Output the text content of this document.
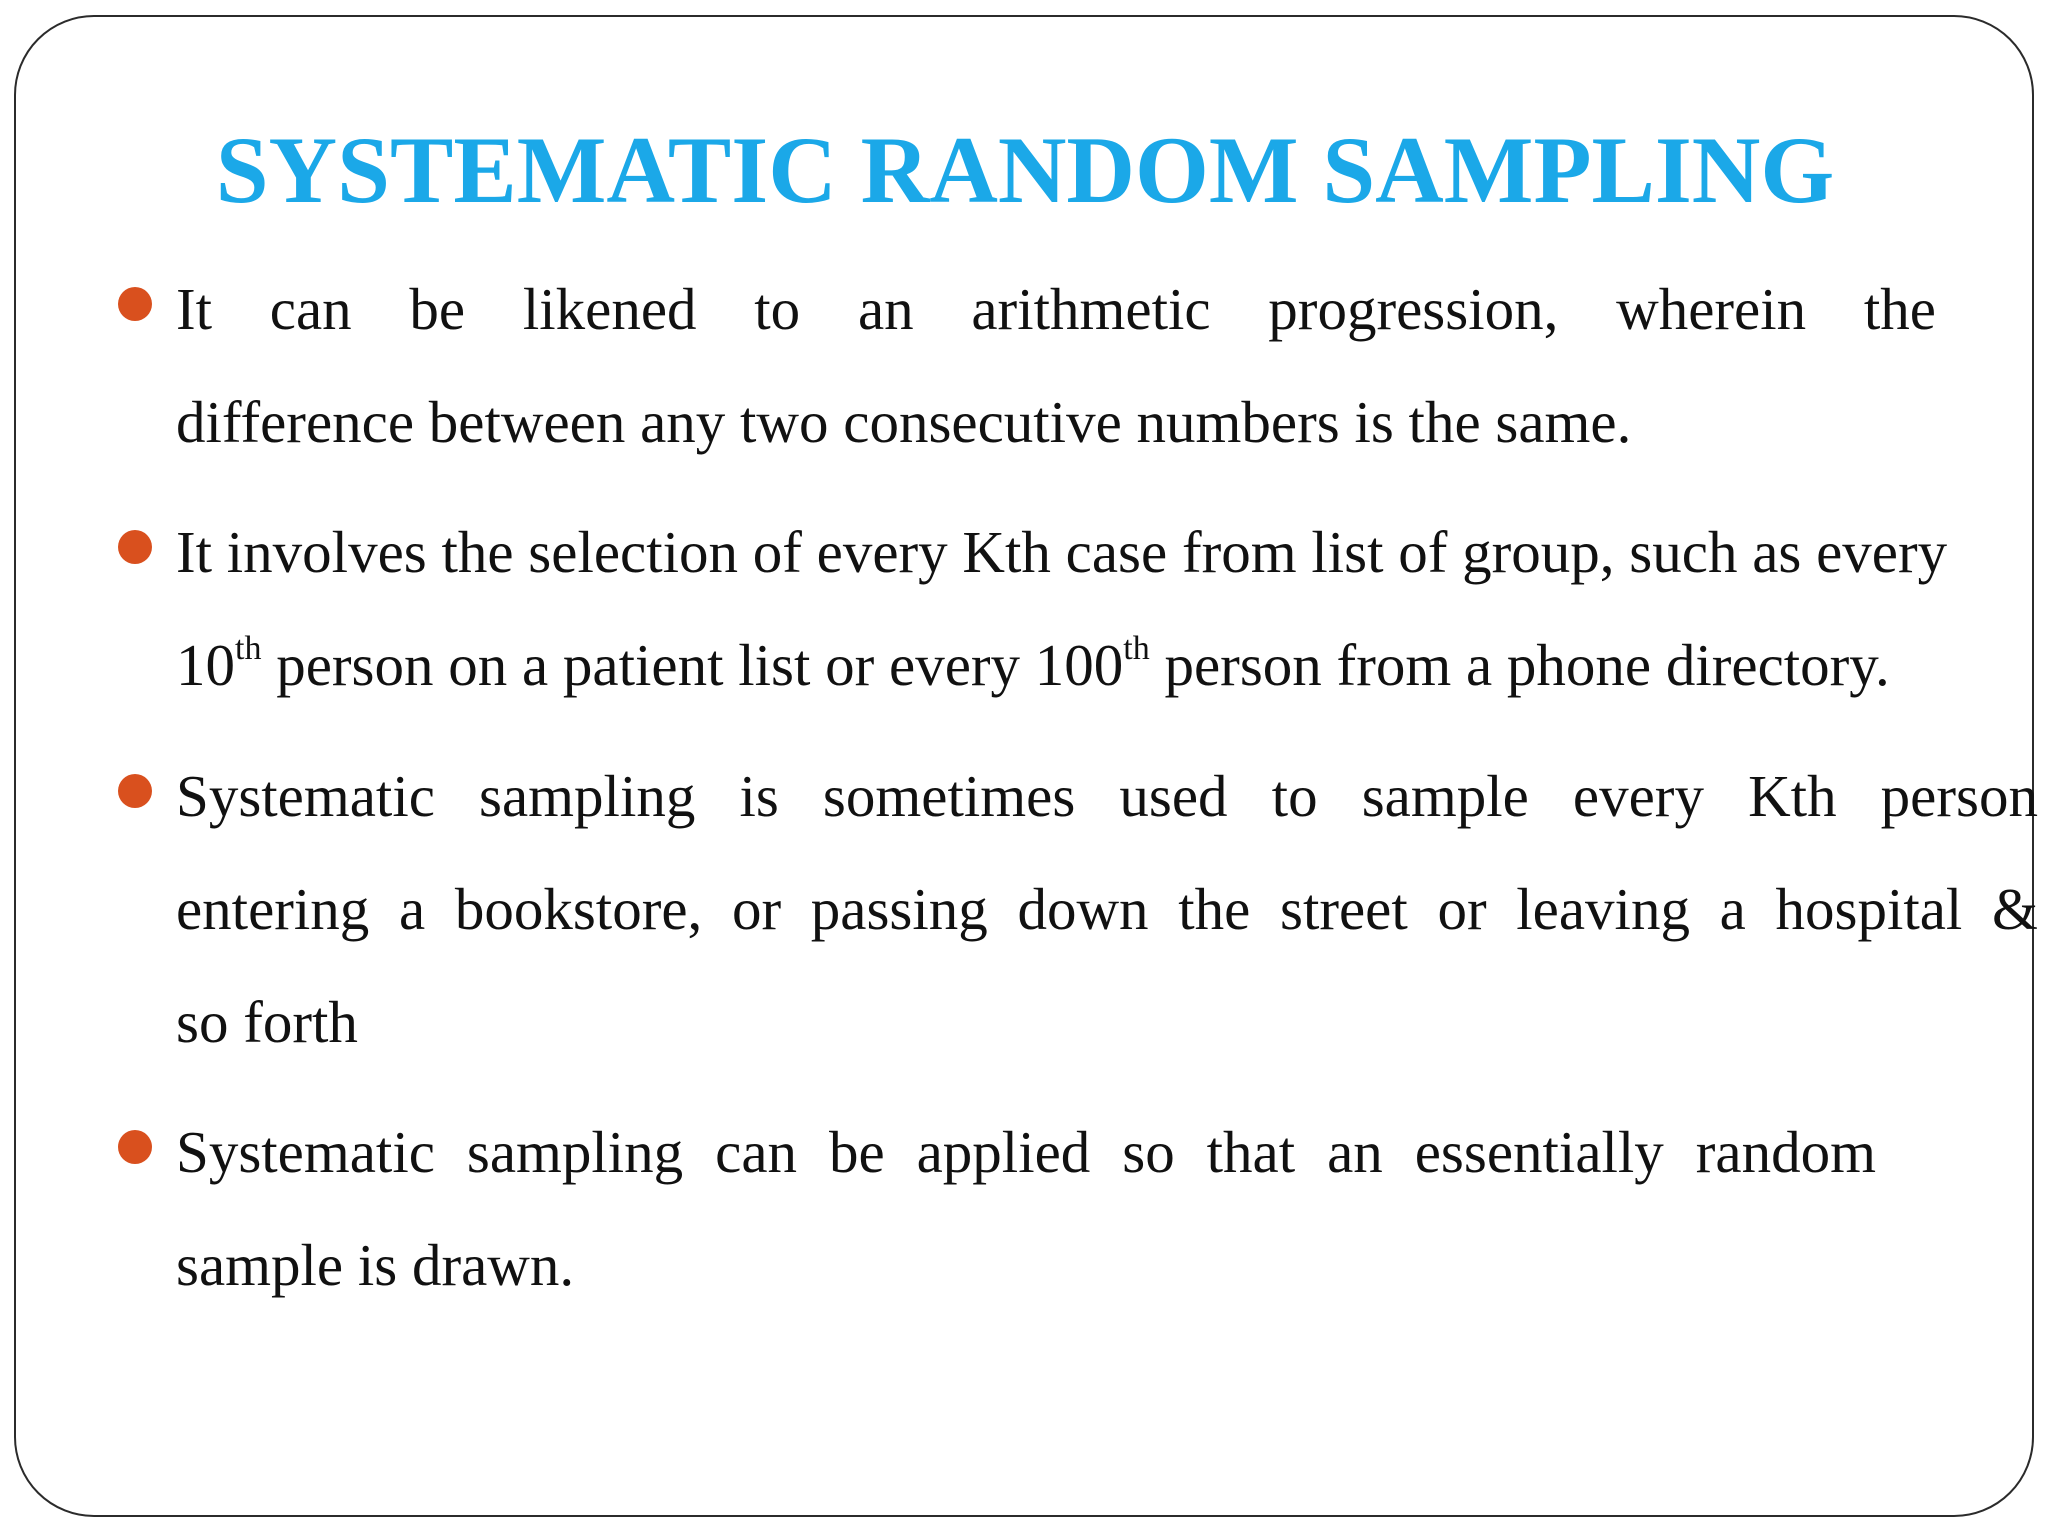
SYSTEMATIC RANDOM SAMPLING
It can be likened to an arithmetic progression, wherein the
difference between any two consecutive numbers is the same.
It involves the selection of every Kth case from list of group, such as every
10th person on a patient list or every 100th person from a phone directory.
Systematic sampling is sometimes used to sample every Kth person
entering a bookstore, or passing down the street or leaving a hospital &
so forth
Systematic sampling can be applied so that an essentially random
sample is drawn.
